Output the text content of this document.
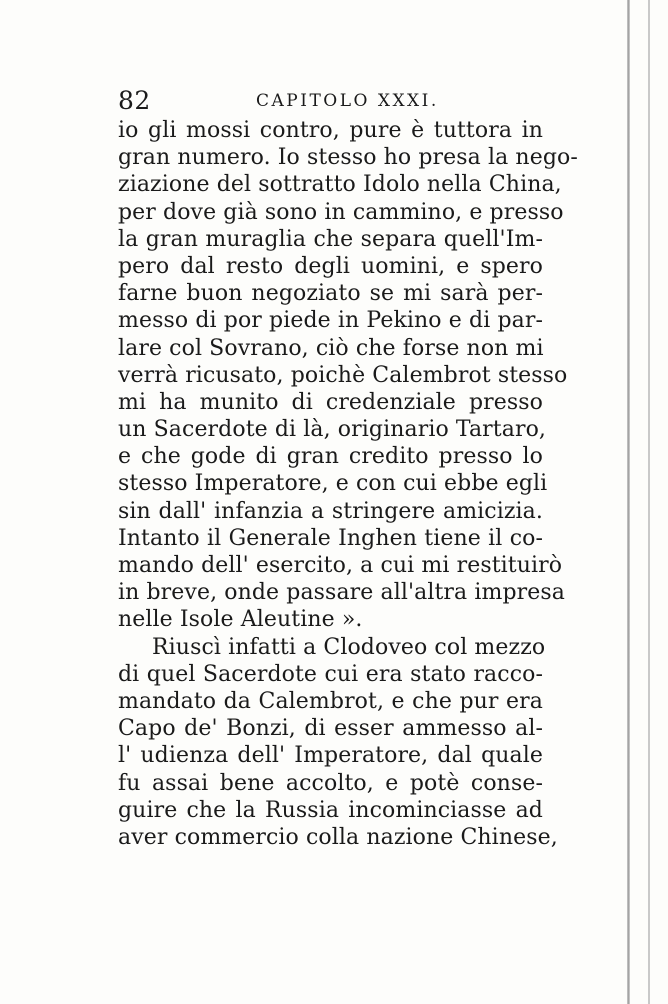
82	CAPITOLO XXXI.
io gli mossi contro, pure è tuttora in
gran numero. Io stesso ho presa la nego-
ziazione del sottratto Idolo nella China,
per dove già sono in cammino, e presso
la gran muraglia che separa quell'Im-
pero dal resto degli uomini, e spero
farne buon negoziato se mi sarà per-
messo di por piede in Pekino e di par-
lare col Sovrano, ciò che forse non mi
verrà ricusato, poichè Calembrot stesso
mi ha munito di credenziale presso
un Sacerdote di là, originario Tartaro,
e che gode di gran credito presso lo
stesso Imperatore, e con cui ebbe egli
sin dall' infanzia a stringere amicizia.
Intanto il Generale Inghen tiene il co-
mando dell' esercito, a cui mi restituirò
in breve, onde passare all'altra impresa
nelle Isole Aleutine ».
Riuscì infatti a Clodoveo col mezzo
di quel Sacerdote cui era stato racco-
mandato da Calembrot, e che pur era
Capo de' Bonzi, di esser ammesso al-
l' udienza dell' Imperatore, dal quale
fu assai bene accolto, e potè conse-
guire che la Russia incominciasse ad
aver commercio colla nazione Chinese,
